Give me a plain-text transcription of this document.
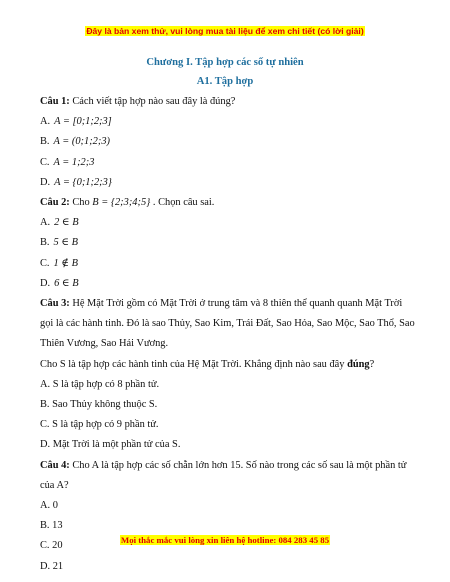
Đây là bản xem thử, vui lòng mua tài liệu để xem chi tiết (có lời giải)
Chương I. Tập hợp các số tự nhiên
A1. Tập hợp

Câu 1: Cách viết tập hợp nào sau đây là đúng?

A. A = [0;1;2;3]

B. A = (0;1;2;3)

C. A = 1;2;3

D. A = {0;1;2;3}

Câu 2: Cho B = {2;3;4;5} . Chọn câu sai.

A. 2 ∈ B

B. 5 ∈ B

C. 1 ∉ B

D. 6 ∈ B

Câu 3: Hệ Mặt Trời gồm có Mặt Trời ở trung tâm và 8 thiên thể quanh quanh Mặt Trời gọi là các hành tinh. Đó là sao Thủy, Sao Kim, Trái Đất, Sao Hỏa, Sao Mộc, Sao Thổ, Sao Thiên Vương, Sao Hải Vương.

Cho S là tập hợp các hành tinh của Hệ Mặt Trời. Khẳng định nào sau đây đúng?

A. S là tập hợp có 8 phần tử.

B. Sao Thủy không thuộc S.

C. S là tập hợp có 9 phần tử.

D. Mặt Trời là một phần tử của S.

Câu 4: Cho A là tập hợp các số chẵn lớn hơn 15. Số nào trong các số sau là một phần tử của A?

A. 0

B. 13

C. 20

D. 21

Mọi thắc mắc vui lòng xin liên hệ hotline: 084 283 45 85
